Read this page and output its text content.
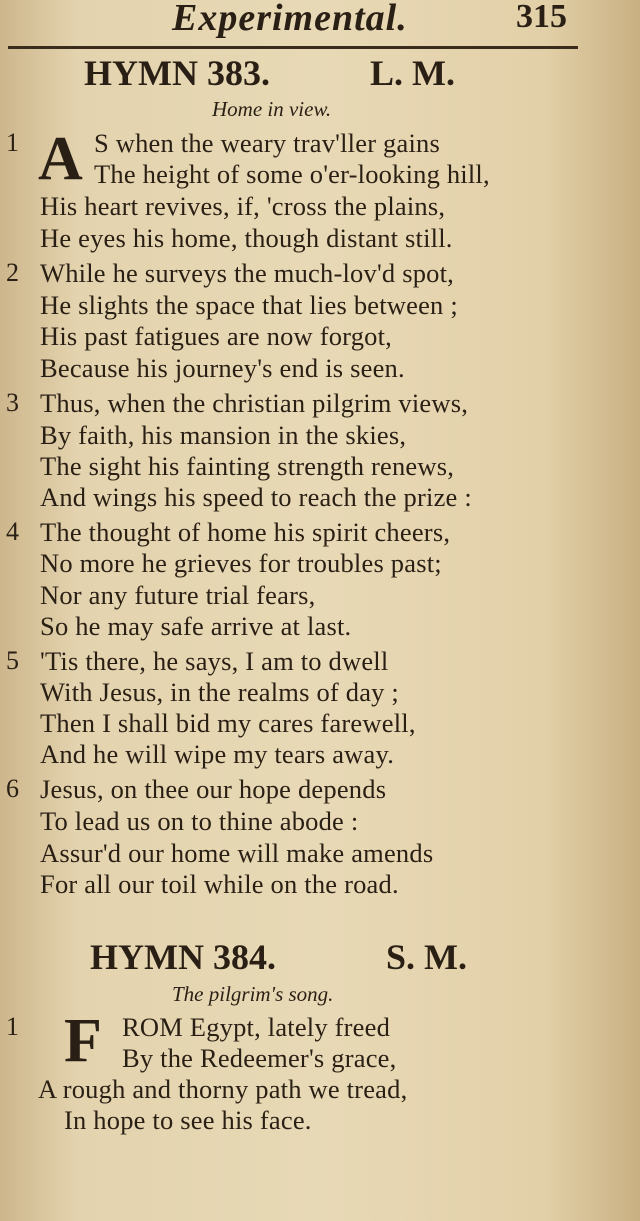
Experimental.	315
HYMN 383.	L. M.
Home in view.
1 A S when the weary trav'ller gains
The height of some o'er-looking hill,
His heart revives, if, 'cross the plains,
He eyes his home, though distant still.
2 While he surveys the much-lov'd spot,
He slights the space that lies between ;
His past fatigues are now forgot,
Because his journey's end is seen.
3 Thus, when the christian pilgrim views,
By faith, his mansion in the skies,
The sight his fainting strength renews,
And wings his speed to reach the prize :
4 The thought of home his spirit cheers,
No more he grieves for troubles past;
Nor any future trial fears,
So he may safe arrive at last.
5 'Tis there, he says, I am to dwell
With Jesus, in the realms of day ;
Then I shall bid my cares farewell,
And he will wipe my tears away.
6 Jesus, on thee our hope depends
To lead us on to thine abode :
Assur'd our home will make amends
For all our toil while on the road.
HYMN 384.	S. M.
The pilgrim's song.
1 F ROM Egypt, lately freed
By the Redeemer's grace,
A rough and thorny path we tread,
In hope to see his face.
